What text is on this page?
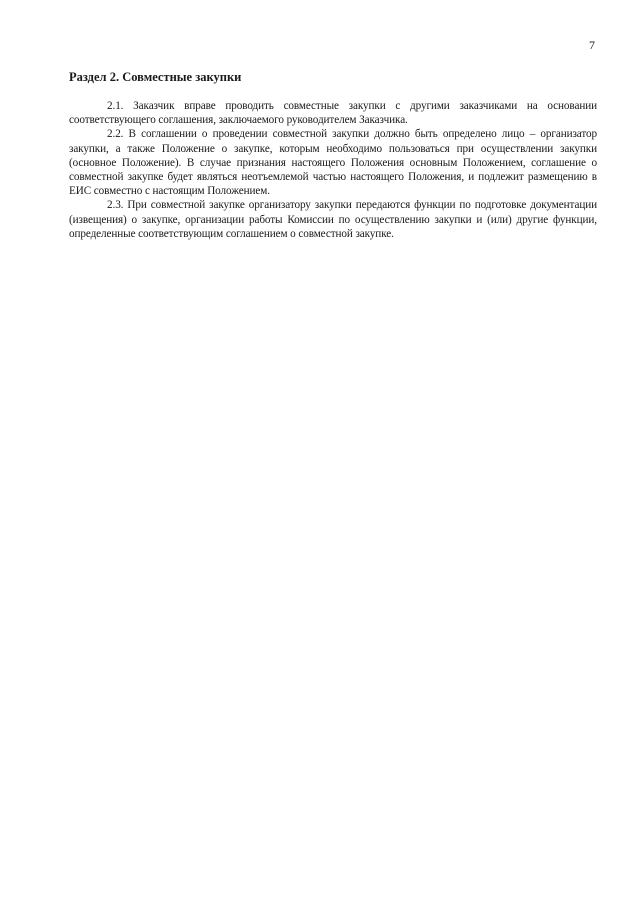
7
Раздел 2. Совместные закупки

2.1. Заказчик вправе проводить совместные закупки с другими заказчиками на основании соответствующего соглашения, заключаемого руководителем Заказчика.

2.2. В соглашении о проведении совместной закупки должно быть определено лицо – организатор закупки, а также Положение о закупке, которым необходимо пользоваться при осуществлении закупки (основное Положение). В случае признания настоящего Положения основным Положением, соглашение о совместной закупке будет являться неотъемлемой частью настоящего Положения, и подлежит размещению в ЕИС совместно с настоящим Положением.

2.3. При совместной закупке организатору закупки передаются функции по подготовке документации (извещения) о закупке, организации работы Комиссии по осуществлению закупки и (или) другие функции, определенные соответствующим соглашением о совместной закупке.
